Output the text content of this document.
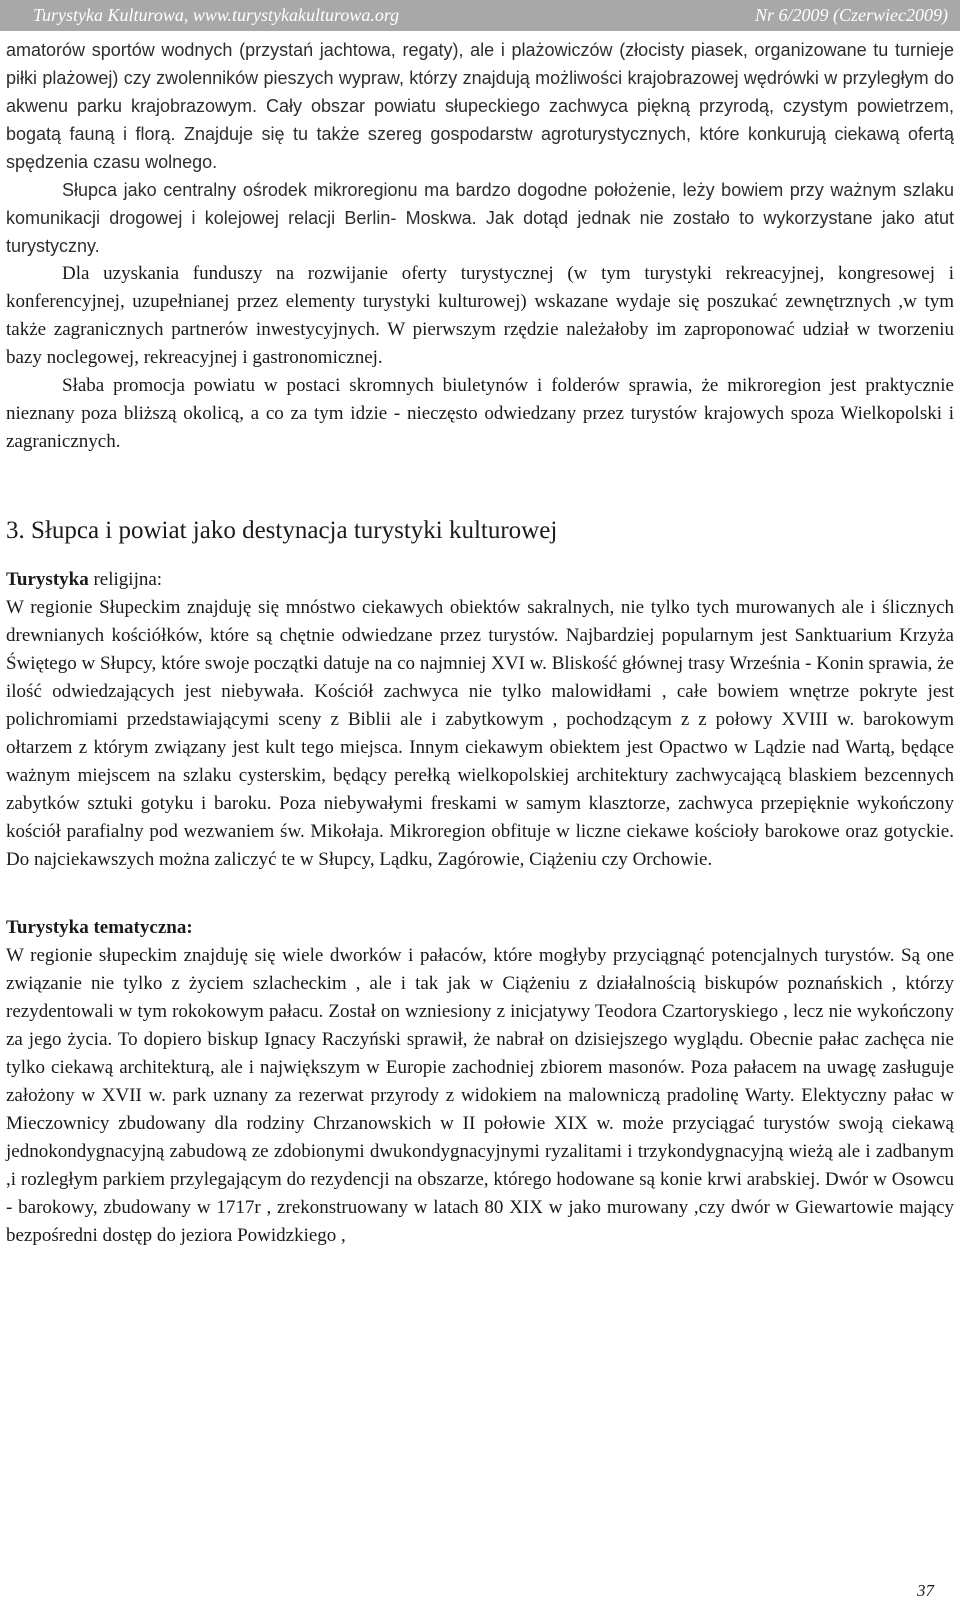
Turystyka Kulturowa, www.turystykakulturowa.org	Nr 6/2009 (Czerwiec2009)

amatorów sportów wodnych (przystań jachtowa, regaty), ale i plażowiczów (złocisty piasek, organizowane tu turnieje piłki plażowej) czy zwolenników pieszych wypraw, którzy znajdują możliwości krajobrazowej wędrówki w przyległym do akwenu parku krajobrazowym. Cały obszar powiatu słupeckiego zachwyca piękną przyrodą, czystym powietrzem, bogatą fauną i florą. Znajduje się tu także szereg gospodarstw agroturystycznych, które konkurują ciekawą ofertą spędzenia czasu wolnego.

Słupca jako centralny ośrodek mikroregionu ma bardzo dogodne położenie, leży bowiem przy ważnym szlaku komunikacji drogowej i kolejowej relacji Berlin- Moskwa. Jak dotąd jednak nie zostało to wykorzystane jako atut turystyczny.

Dla uzyskania funduszy na rozwijanie oferty turystycznej (w tym turystyki rekreacyjnej, kongresowej i konferencyjnej, uzupełnianej przez elementy turystyki kulturowej) wskazane wydaje się poszukać zewnętrznych ,w tym także zagranicznych partnerów inwestycyjnych. W pierwszym rzędzie należałoby im zaproponować udział w tworzeniu bazy noclegowej, rekreacyjnej i gastronomicznej.

Słaba promocja powiatu w postaci skromnych biuletynów i folderów sprawia, że mikroregion jest praktycznie nieznany poza bliższą okolicą, a co za tym idzie - nieczęsto odwiedzany przez turystów krajowych spoza Wielkopolski i zagranicznych.

3. Słupca i powiat jako destynacja turystyki kulturowej
Turystyka religijna:

W regionie Słupeckim znajduję się mnóstwo ciekawych obiektów sakralnych, nie tylko tych murowanych ale i ślicznych drewnianych kościółków, które są chętnie odwiedzane przez turystów. Najbardziej popularnym jest Sanktuarium Krzyża Świętego w Słupcy, które swoje początki datuje na co najmniej XVI w. Bliskość głównej trasy Września - Konin sprawia, że ilość odwiedzających jest niebywała. Kościół zachwyca nie tylko malowidłami , całe bowiem wnętrze pokryte jest polichromiami przedstawiającymi sceny z Biblii ale i zabytkowym , pochodzącym z z połowy XVIII w. barokowym ołtarzem z którym związany jest kult tego miejsca. Innym ciekawym obiektem jest Opactwo w Lądzie nad Wartą, będące ważnym miejscem na szlaku cysterskim, będący perełką wielkopolskiej architektury zachwycającą blaskiem bezcennych zabytków sztuki gotyku i baroku. Poza niebywałymi freskami w samym klasztorze, zachwyca przepięknie wykończony kościół parafialny pod wezwaniem św. Mikołaja. Mikroregion obfituje w liczne ciekawe kościoły barokowe oraz gotyckie. Do najciekawszych można zaliczyć te w Słupcy, Lądku, Zagórowie, Ciążeniu czy Orchowie.

Turystyka tematyczna:

W regionie słupeckim znajduję się wiele dworków i pałaców, które mogłyby przyciągnąć potencjalnych turystów. Są one związanie nie tylko z życiem szlacheckim , ale i tak jak w Ciążeniu z działalnością biskupów poznańskich , którzy rezydentowali w tym rokokowym pałacu. Został on wzniesiony z inicjatywy Teodora Czartoryskiego , lecz nie wykończony za jego życia. To dopiero biskup Ignacy Raczyński sprawił, że nabrał on dzisiejszego wyglądu. Obecnie pałac zachęca nie tylko ciekawą architekturą, ale i największym w Europie zachodniej zbiorem masonów. Poza pałacem na uwagę zasługuje założony w XVII w. park uznany za rezerwat przyrody z widokiem na malowniczą pradolinę Warty. Elektyczny pałac w Mieczownicy zbudowany dla rodziny Chrzanowskich w II połowie XIX w. może przyciągać turystów swoją ciekawą jednokondygnacyjną zabudową ze zdobionymi dwukondygnacyjnymi ryzalitami i trzykondygnacyjną wieżą ale i zadbanym ,i rozległym parkiem przylegającym do rezydencji na obszarze, którego hodowane są konie krwi arabskiej. Dwór w Osowcu - barokowy, zbudowany w 1717r , zrekonstruowany w latach 80 XIX w jako murowany ,czy dwór w Giewartowie mający bezpośredni dostęp do jeziora Powidzkiego ,

37
